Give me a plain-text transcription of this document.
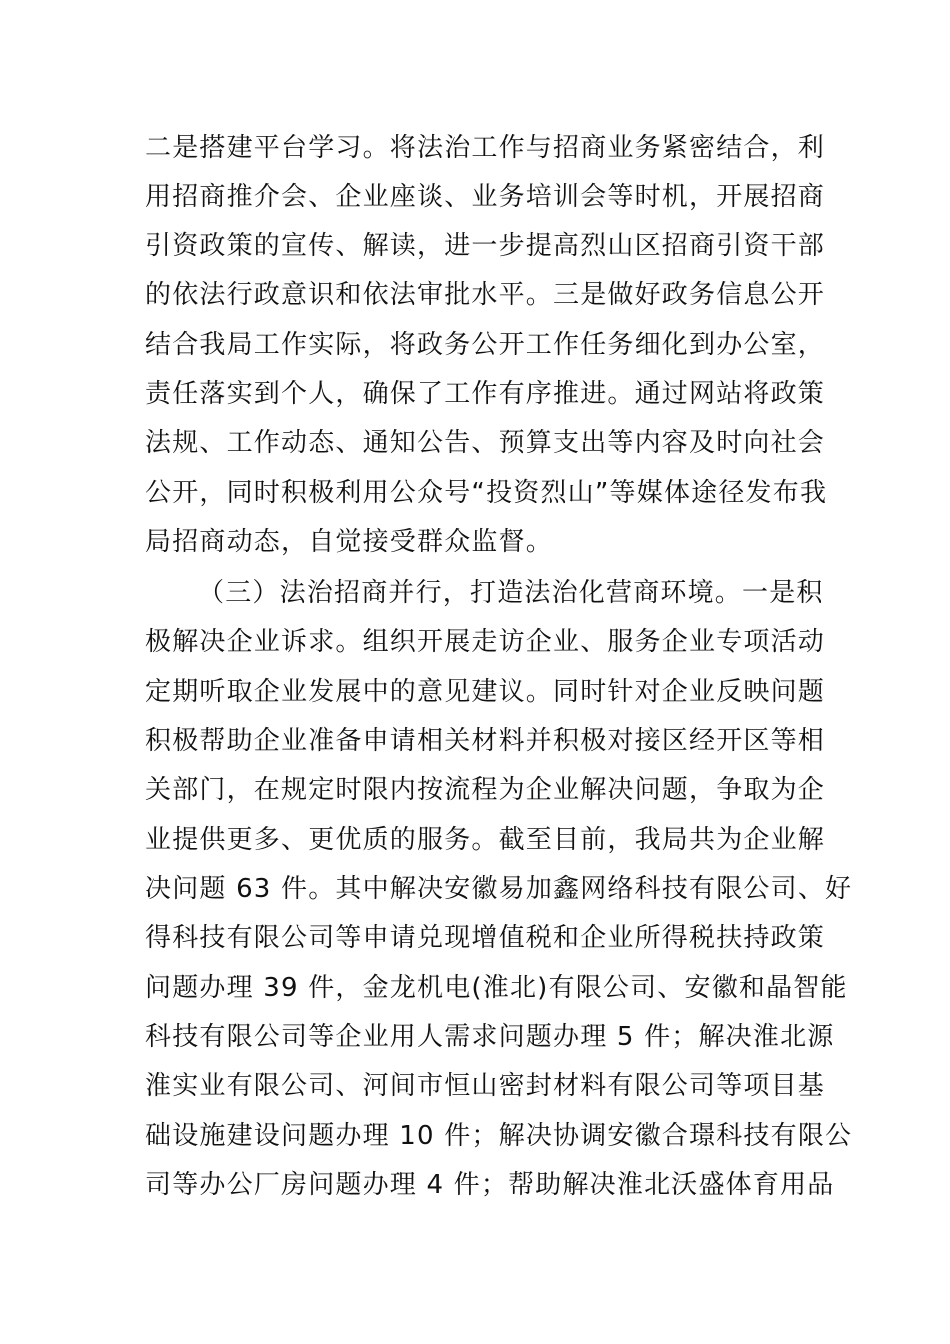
二是搭建平台学习。将法治工作与招商业务紧密结合，利
用招商推介会、企业座谈、业务培训会等时机，开展招商
引资政策的宣传、解读，进一步提高烈山区招商引资干部
的依法行政意识和依法审批水平。三是做好政务信息公开
结合我局工作实际，将政务公开工作任务细化到办公室，
责任落实到个人，确保了工作有序推进。通过网站将政策
法规、工作动态、通知公告、预算支出等内容及时向社会
公开，同时积极利用公众号“投资烈山”等媒体途径发布我
局招商动态，自觉接受群众监督。
（三）法治招商并行，打造法治化营商环境。一是积
极解决企业诉求。组织开展走访企业、服务企业专项活动
定期听取企业发展中的意见建议。同时针对企业反映问题
积极帮助企业准备申请相关材料并积极对接区经开区等相
关部门，在规定时限内按流程为企业解决问题，争取为企
业提供更多、更优质的服务。截至目前，我局共为企业解
决问题 63 件。其中解决安徽易加鑫网络科技有限公司、好
得科技有限公司等申请兑现增值税和企业所得税扶持政策
问题办理 39 件，金龙机电(淮北)有限公司、安徽和晶智能
科技有限公司等企业用人需求问题办理 5 件；解决淮北源
淮实业有限公司、河间市恒山密封材料有限公司等项目基
础设施建设问题办理 10 件；解决协调安徽合璟科技有限公
司等办公厂房问题办理 4 件；帮助解决淮北沃盛体育用品
